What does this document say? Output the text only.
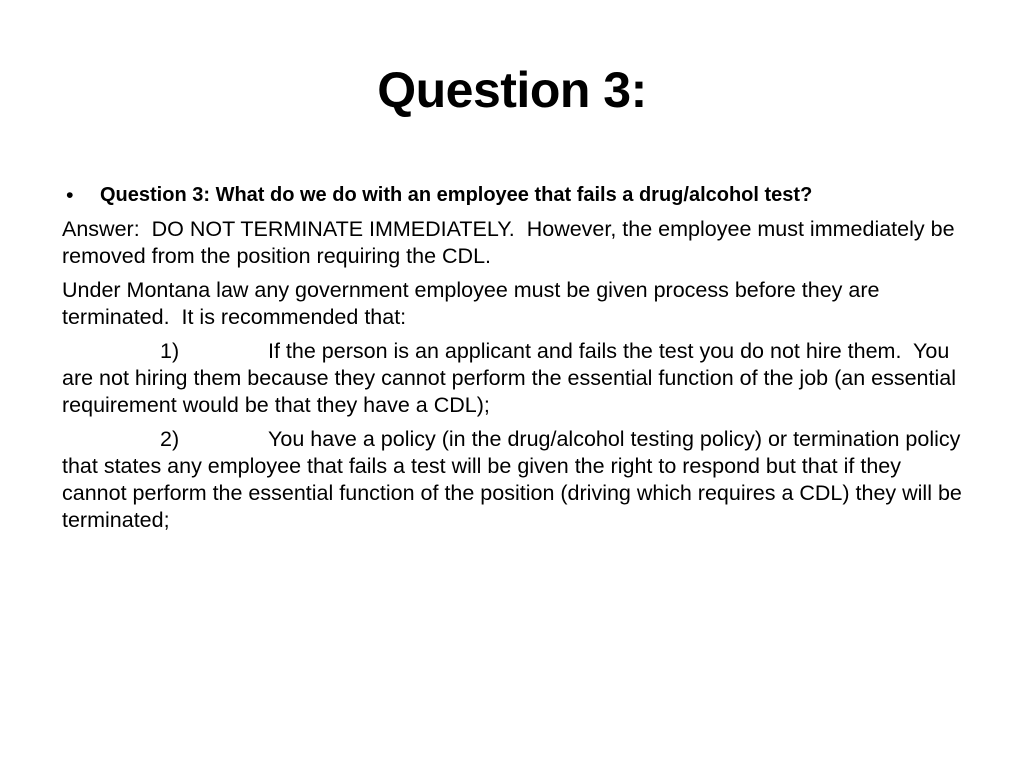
Question 3:
•	Question 3: What do we do with an employee that fails a drug/alcohol test?

Answer:  DO NOT TERMINATE IMMEDIATELY.  However, the employee must immediately be removed from the position requiring the CDL.

Under Montana law any government employee must be given process before they are terminated.  It is recommended that:

1)	If the person is an applicant and fails the test you do not hire them.  You are not hiring them because they cannot perform the essential function of the job (an essential requirement would be that they have a CDL);

2)	You have a policy (in the drug/alcohol testing policy) or termination policy that states any employee that fails a test will be given the right to respond but that if they cannot perform the essential function of the position (driving which requires a CDL) they will be terminated;
